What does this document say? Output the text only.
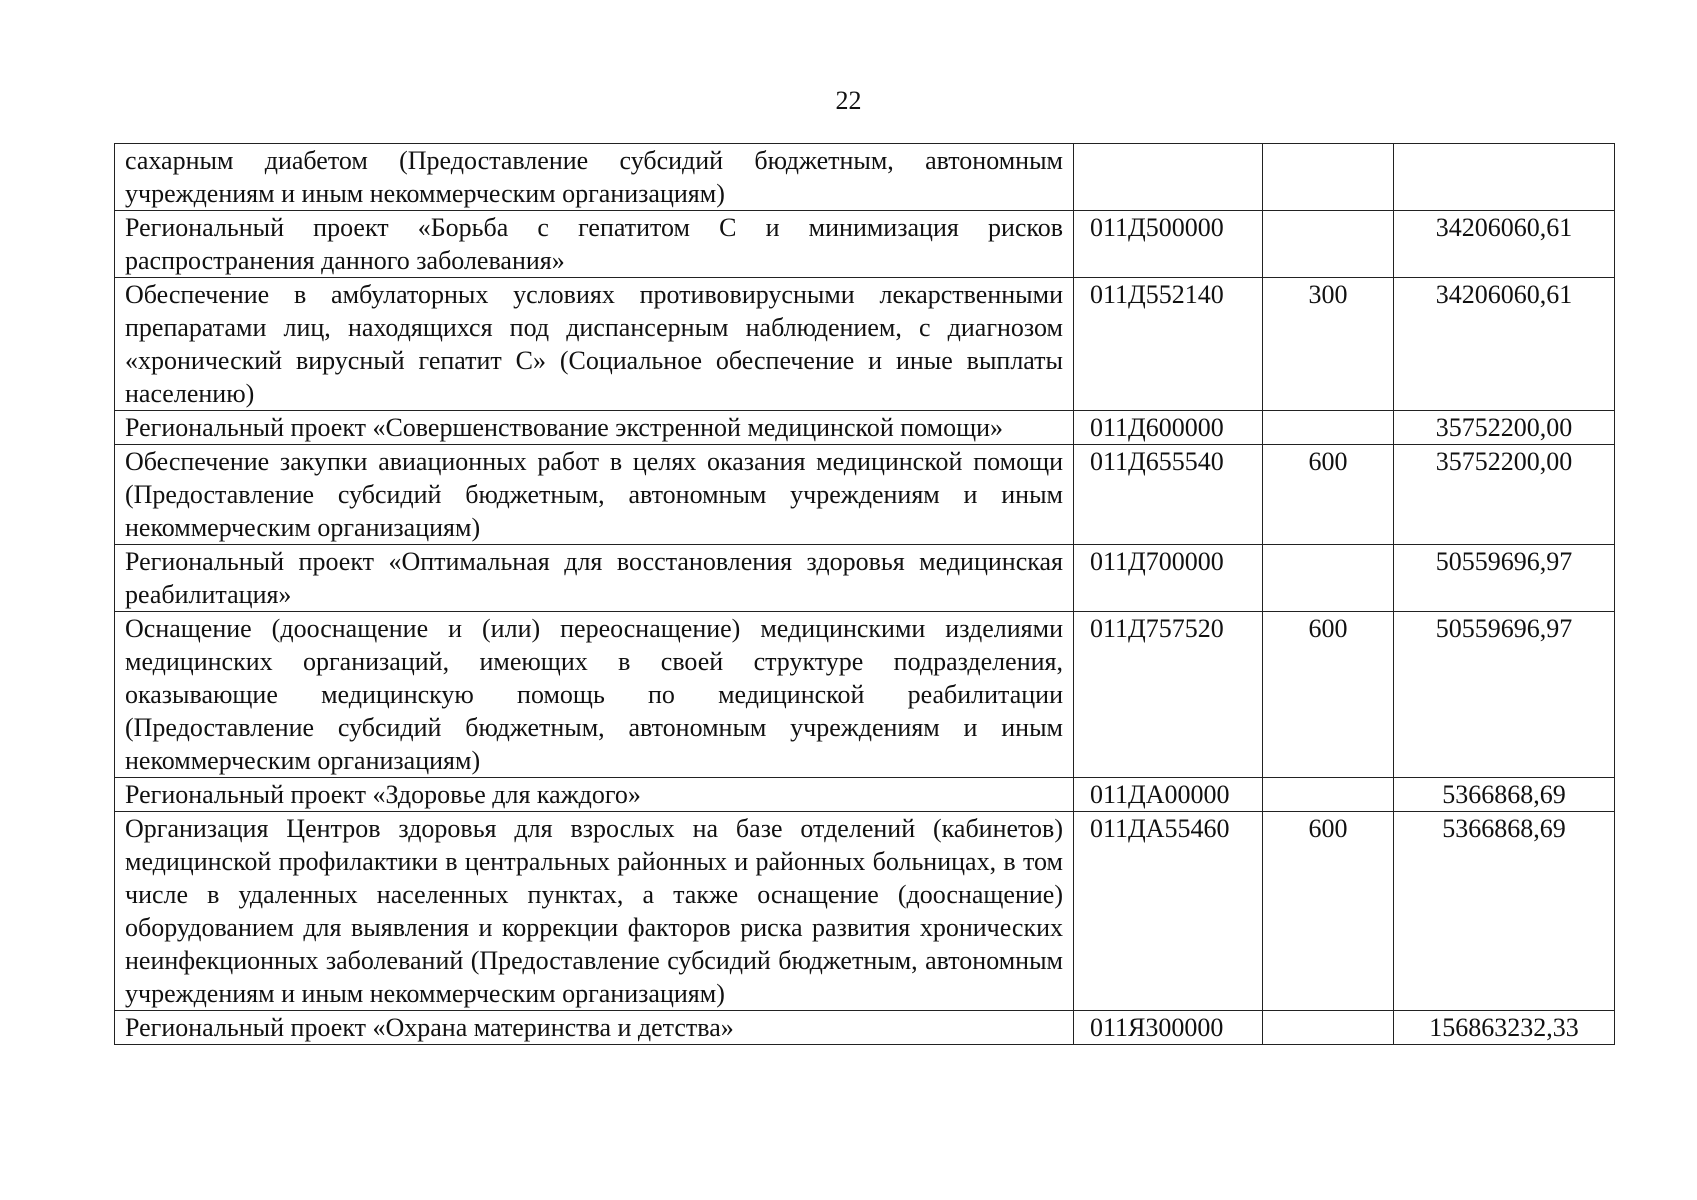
22
сахарным диабетом (Предоставление субсидий бюджетным, автономным учреждениям и иным некоммерческим организациям)			
Региональный проект «Борьба с гепатитом С и минимизация рисков распространения данного заболевания»	011Д500000		34206060,61
Обеспечение в амбулаторных условиях противовирусными лекарственными препаратами лиц, находящихся под диспансерным наблюдением, с диагнозом «хронический вирусный гепатит С» (Социальное обеспечение и иные выплаты населению)	011Д552140	300	34206060,61
Региональный проект «Совершенствование экстренной медицинской помощи»	011Д600000		35752200,00
Обеспечение закупки авиационных работ в целях оказания медицинской помощи (Предоставление субсидий бюджетным, автономным учреждениям и иным некоммерческим организациям)	011Д655540	600	35752200,00
Региональный проект «Оптимальная для восстановления здоровья медицинская реабилитация»	011Д700000		50559696,97
Оснащение (дооснащение и (или) переоснащение) медицинскими изделиями медицинских организаций, имеющих в своей структуре подразделения, оказывающие медицинскую помощь по медицинской реабилитации (Предоставление субсидий бюджетным, автономным учреждениям и иным некоммерческим организациям)	011Д757520	600	50559696,97
Региональный проект «Здоровье для каждого»	011ДА00000		5366868,69
Организация Центров здоровья для взрослых на базе отделений (кабинетов) медицинской профилактики в центральных районных и районных больницах, в том числе в удаленных населенных пунктах, а также оснащение (дооснащение) оборудованием для выявления и коррекции факторов риска развития хронических неинфекционных заболеваний (Предоставление субсидий бюджетным, автономным учреждениям и иным некоммерческим организациям)	011ДА55460	600	5366868,69
Региональный проект «Охрана материнства и детства»	011Я300000		156863232,33
